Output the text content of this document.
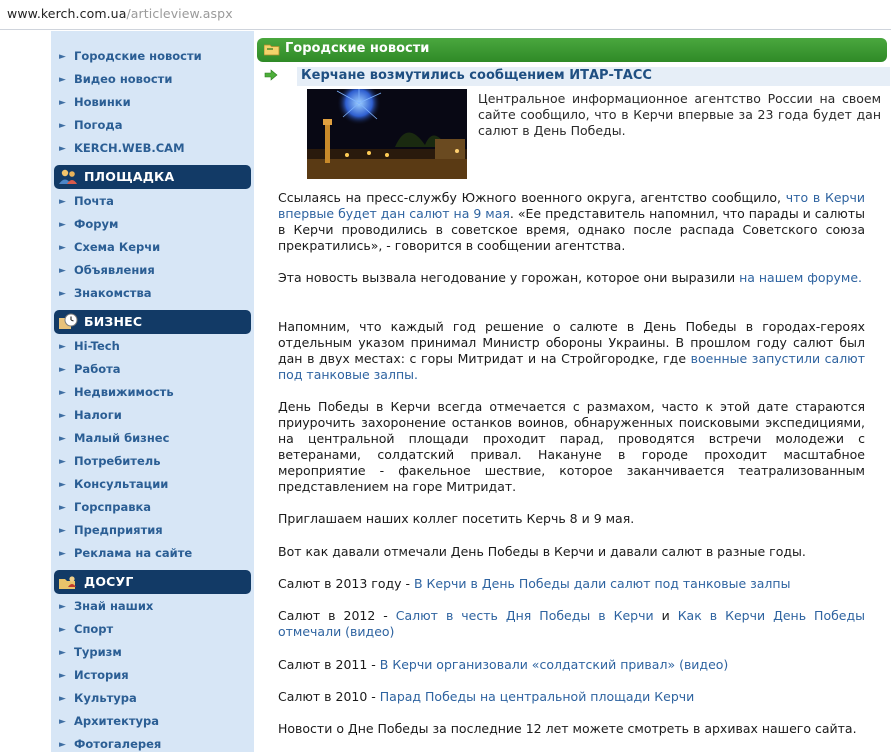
www.kerch.com.ua/articleview.aspx
► Городские новости
► Видео новости
► Новинки
► Погода
► KERCH.WEB.CAM
ПЛОЩАДКА
► Почта
► Форум
► Схема Керчи
► Объявления
► Знакомства
БИЗНЕС
► Hi-Tech
► Работа
► Недвижимость
► Налоги
► Малый бизнес
► Потребитель
► Консультации
► Горсправка
► Предприятия
► Реклама на сайте
ДОСУГ
► Знай наших
► Спорт
► Туризм
► История
► Культура
► Архитектура
► Фотогалерея
Городские новости
Керчане возмутились сообщением ИТАР-ТАСС
Центральное информационное агентство России на своем сайте сообщило, что в Керчи впервые за 23 года будет дан салют в День Победы.

Ссылаясь на пресс-службу Южного военного округа, агентство сообщило, что в Керчи впервые будет дан салют на 9 мая. «Ее представитель напомнил, что парады и салюты в Керчи проводились в советское время, однако после распада Советского союза прекратились», - говорится в сообщении агентства.

Эта новость вызвала негодование у горожан, которое они выразили на нашем форуме.

Напомним, что каждый год решение о салюте в День Победы в городах-героях отдельным указом принимал Министр обороны Украины. В прошлом году салют был дан в двух местах: с горы Митридат и на Стройгородке, где военные запустили салют под танковые залпы.

День Победы в Керчи всегда отмечается с размахом, часто к этой дате стараются приурочить захоронение останков воинов, обнаруженных поисковыми экспедициями, на центральной площади проходит парад, проводятся встречи молодежи с ветеранами, солдатский привал. Накануне в городе проходит масштабное мероприятие - факельное шествие, которое заканчивается театрализованным представлением на горе Митридат.

Приглашаем наших коллег посетить Керчь 8 и 9 мая.

Вот как давали отмечали День Победы в Керчи и давали салют в разные годы.

Салют в 2013 году - В Керчи в День Победы дали салют под танковые залпы

Салют в 2012 - Салют в честь Дня Победы в Керчи и Как в Керчи День Победы отмечали (видео)

Салют в 2011 - В Керчи организовали «солдатский привал» (видео)

Салют в 2010 - Парад Победы на центральной площади Керчи

Новости о Дне Победы за последние 12 лет можете смотреть в архивах нашего сайта.
